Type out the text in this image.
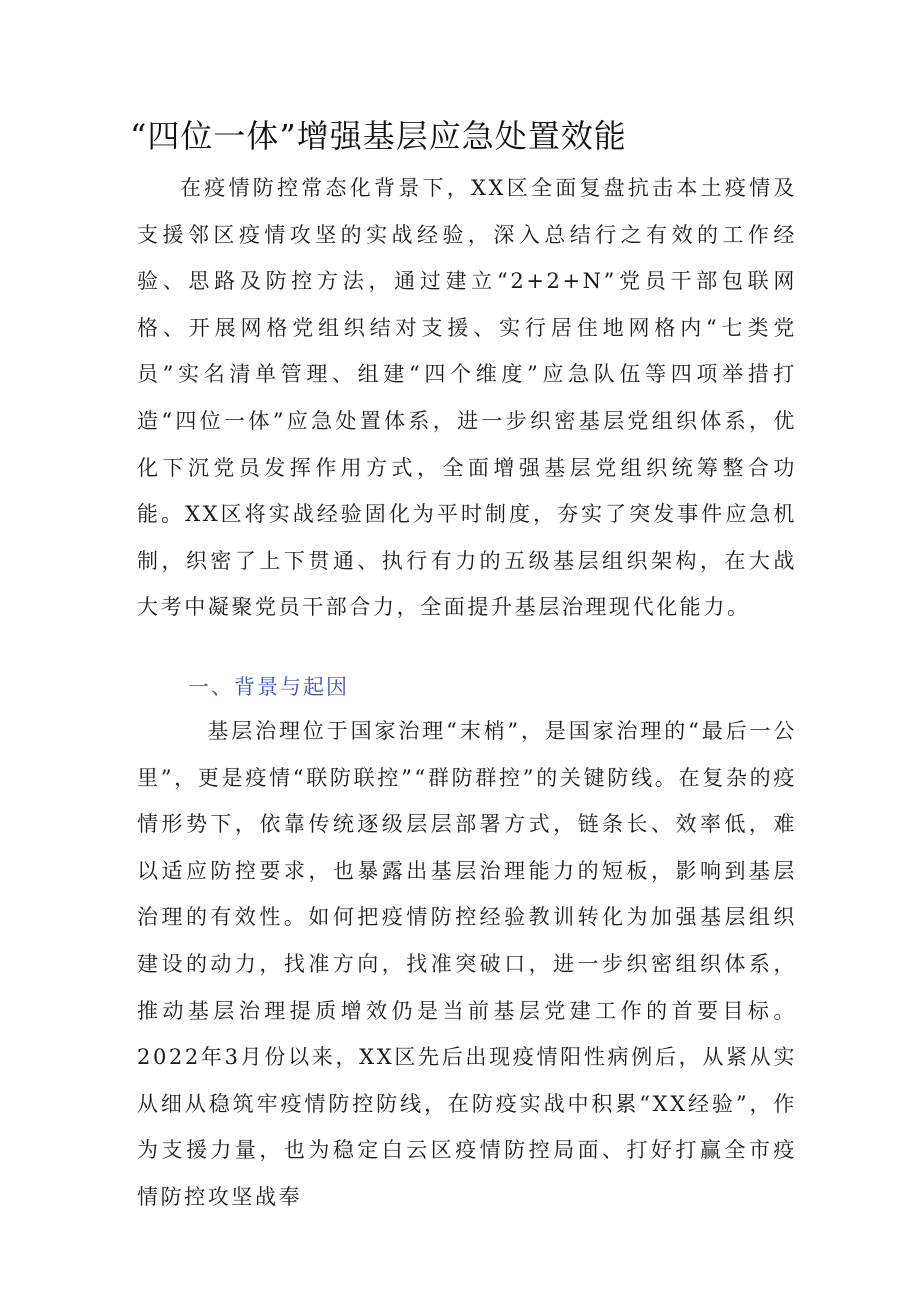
“四位一体”增强基层应急处置效能

在疫情防控常态化背景下，XX区全面复盘抗击本土疫情及支援邻区疫情攻坚的实战经验，深入总结行之有效的工作经验、思路及防控方法，通过建立“2+2+N”党员干部包联网格、开展网格党组织结对支援、实行居住地网格内“七类党员”实名清单管理、组建“四个维度”应急队伍等四项举措打造“四位一体”应急处置体系，进一步织密基层党组织体系，优化下沉党员发挥作用方式，全面增强基层党组织统筹整合功能。XX区将实战经验固化为平时制度，夯实了突发事件应急机制，织密了上下贯通、执行有力的五级基层组织架构，在大战大考中凝聚党员干部合力，全面提升基层治理现代化能力。

一、背景与起因

基层治理位于国家治理“末梢”，是国家治理的“最后一公里”，更是疫情“联防联控”“群防群控”的关键防线。在复杂的疫情形势下，依靠传统逐级层层部署方式，链条长、效率低，难以适应防控要求，也暴露出基层治理能力的短板，影响到基层治理的有效性。如何把疫情防控经验教训转化为加强基层组织建设的动力，找准方向，找准突破口，进一步织密组织体系，推动基层治理提质增效仍是当前基层党建工作的首要目标。2022年3月份以来，XX区先后出现疫情阳性病例后，从紧从实从细从稳筑牢疫情防控防线，在防疫实战中积累“XX经验”，作为支援力量，也为稳定白云区疫情防控局面、打好打赢全市疫情防控攻坚战奉
